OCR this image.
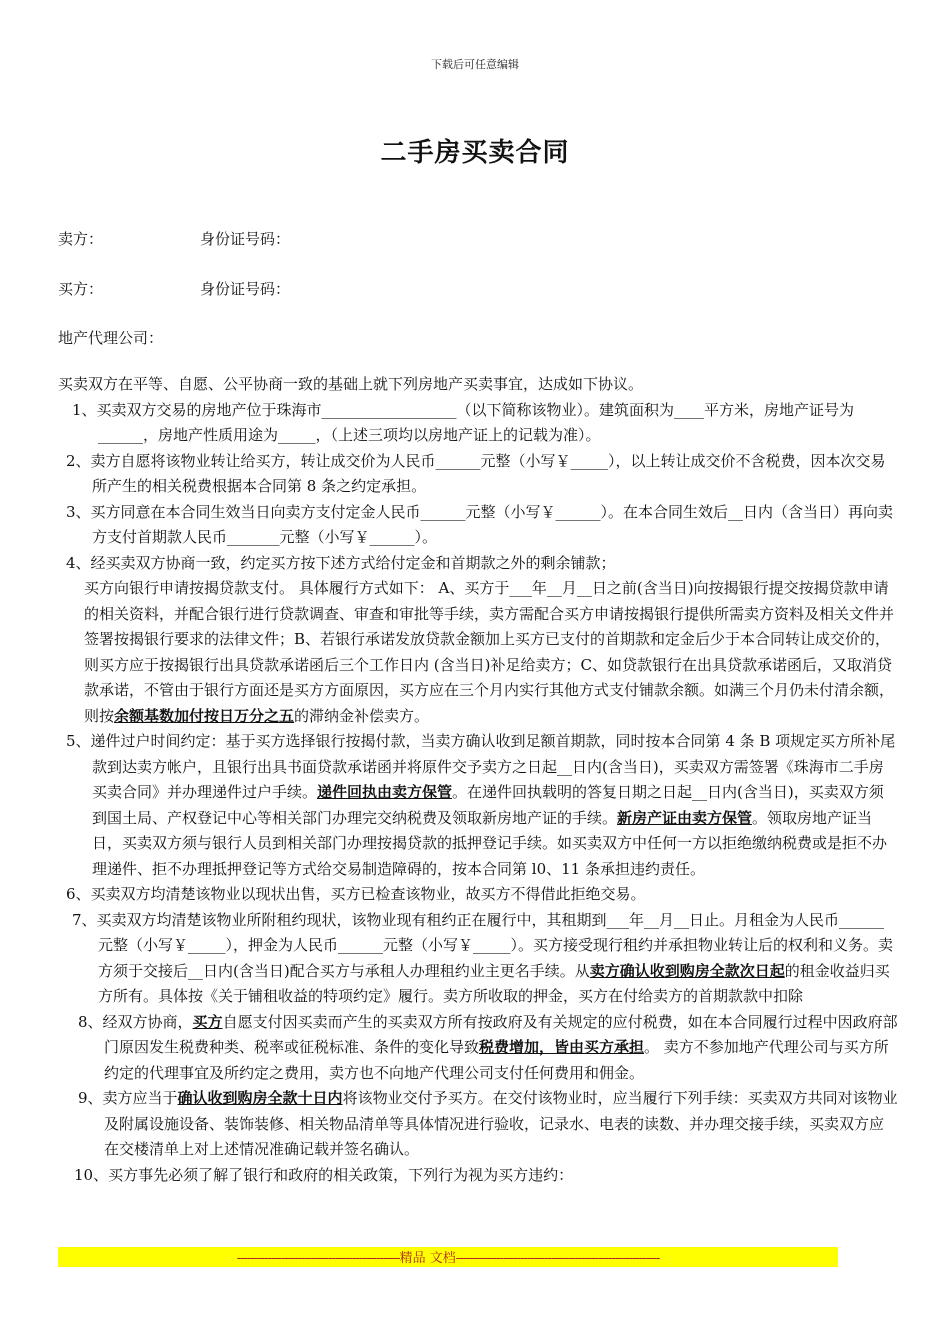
下载后可任意编辑
二手房买卖合同
卖方：	身份证号码：
买方：	身份证号码：
地产代理公司：

买卖双方在平等、自愿、公平协商一致的基础上就下列房地产买卖事宜，达成如下协议。

1、买卖双方交易的房地产位于珠海市__________________（以下简称该物业）。建筑面积为____平方米，房地产证号为 ______，房地产性质用途为_____，（上述三项均以房地产证上的记载为准）。

2、卖方自愿将该物业转让给买方，转让成交价为人民币______元整（小写￥_____），以上转让成交价不含税费，因本次交易所产生的相关税费根据本合同第 8 条之约定承担。

3、买方同意在本合同生效当日向卖方支付定金人民币______元整（小写￥______）。在本合同生效后__日内（含当日）再向卖方支付首期款人民币_______元整（小写￥______）。

4、经买卖双方协商一致，约定买方按下述方式给付定金和首期款之外的剩余铺款；

买方向银行申请按揭贷款支付。 具体履行方式如下： A、买方于___年__月__日之前(含当日)向按揭银行提交按揭贷款申请的相关资料，并配合银行进行贷款调查、审查和审批等手续，卖方需配合买方申请按揭银行提供所需卖方资料及相关文件并签署按揭银行要求的法律文件；B、若银行承诺发放贷款金额加上买方已支付的首期款和定金后少于本合同转让成交价的，则买方应于按揭银行出具贷款承诺函后三个工作日内 (含当日)补足给卖方；C、如贷款银行在出具贷款承诺函后，又取消贷款承诺，不管由于银行方面还是买方方面原因，买方应在三个月内实行其他方式支付铺款余额。如满三个月仍未付清余额，则按余额基数加付按日万分之五的滞纳金补偿卖方。

5、递件过户时间约定：基于买方选择银行按揭付款，当卖方确认收到足额首期款，同时按本合同第 4 条 B 项规定买方所补尾款到达卖方帐户，且银行出具书面贷款承诺函并将原件交予卖方之日起__日内(含当日)，买卖双方需签署《珠海市二手房买卖合同》并办理递件过户手续。递件回执由卖方保管。在递件回执载明的答复日期之日起__日内(含当日)，买卖双方须到国土局、产权登记中心等相关部门办理完交纳税费及领取新房地产证的手续。新房产证由卖方保管。领取房地产证当日，买卖双方须与银行人员到相关部门办理按揭贷款的抵押登记手续。如买卖双方中任何一方以拒绝缴纳税费或是拒不办理递件、拒不办理抵押登记等方式给交易制造障碍的，按本合同第 l0、11 条承担违约责任。

6、买卖双方均清楚该物业以现状出售，买方已检查该物业，故买方不得借此拒绝交易。

7、买卖双方均清楚该物业所附租约现状，该物业现有租约正在履行中，其租期到___年__月__日止。月租金为人民币______元整（小写￥_____），押金为人民币______元整（小写￥_____）。买方接受现行租约并承担物业转让后的权利和义务。卖方须于交接后__日内(含当日)配合买方与承租人办理租约业主更名手续。从卖方确认收到购房全款次日起的租金收益归买方所有。具体按《关于铺租收益的特项约定》履行。卖方所收取的押金，买方在付给卖方的首期款款中扣除

8、经双方协商，买方自愿支付因买卖而产生的买卖双方所有按政府及有关规定的应付税费，如在本合同履行过程中因政府部门原因发生税费种类、税率或征税标准、条件的变化导致税费增加，皆由买方承担。 卖方不参加地产代理公司与买方所约定的代理事宜及所约定之费用，卖方也不向地产代理公司支付任何费用和佣金。

9、卖方应当于确认收到购房全款十日内将该物业交付予买方。在交付该物业时，应当履行下列手续：买卖双方共同对该物业及附属设施设备、装饰装修、相关物品清单等具体情况进行验收，记录水、电表的读数、并办理交接手续，买卖双方应在交楼清单上对上述情况准确记载并签名确认。

10、买方事先必须了解了银行和政府的相关政策，下列行为视为买方违约：

------------------------------------------------精品 文档------------------------------------------------------------
